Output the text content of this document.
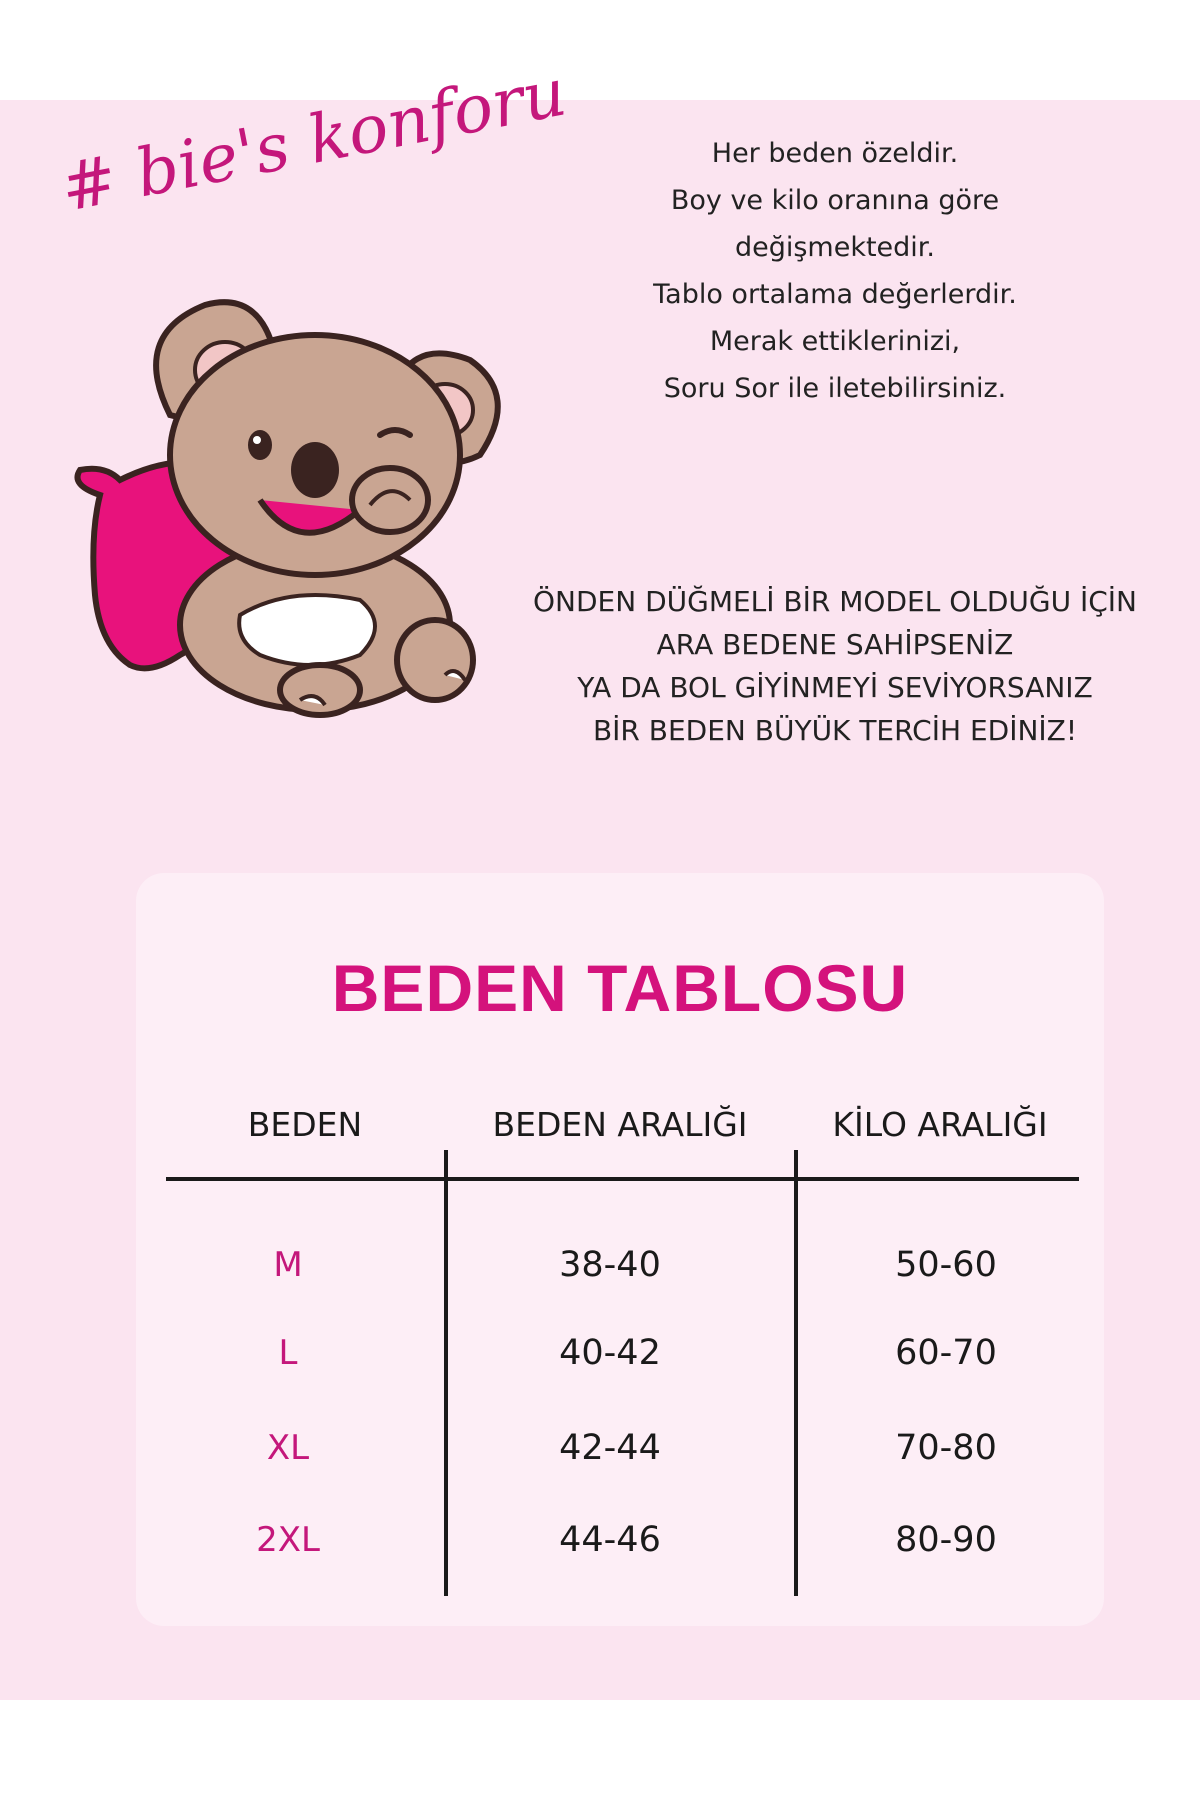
# bie's konforu	Her beden özeldir.
Boy ve kilo oranına göre
değişmektedir.
Tablo ortalama değerlerdir.
Merak ettiklerinizi,
Soru Sor ile iletebilirsiniz.
ÖNDEN DÜĞMELİ BİR MODEL OLDUĞU İÇİN
ARA BEDENE SAHİPSENİZ
YA DA BOL GİYİNMEYİ SEVİYORSANIZ
BİR BEDEN BÜYÜK TERCİH EDİNİZ!
BEDEN TABLOSU
BEDEN	BEDEN ARALIĞI	KİLO ARALIĞI
M	38-40	50-60
L	40-42	60-70
XL	42-44	70-80
2XL	44-46	80-90
